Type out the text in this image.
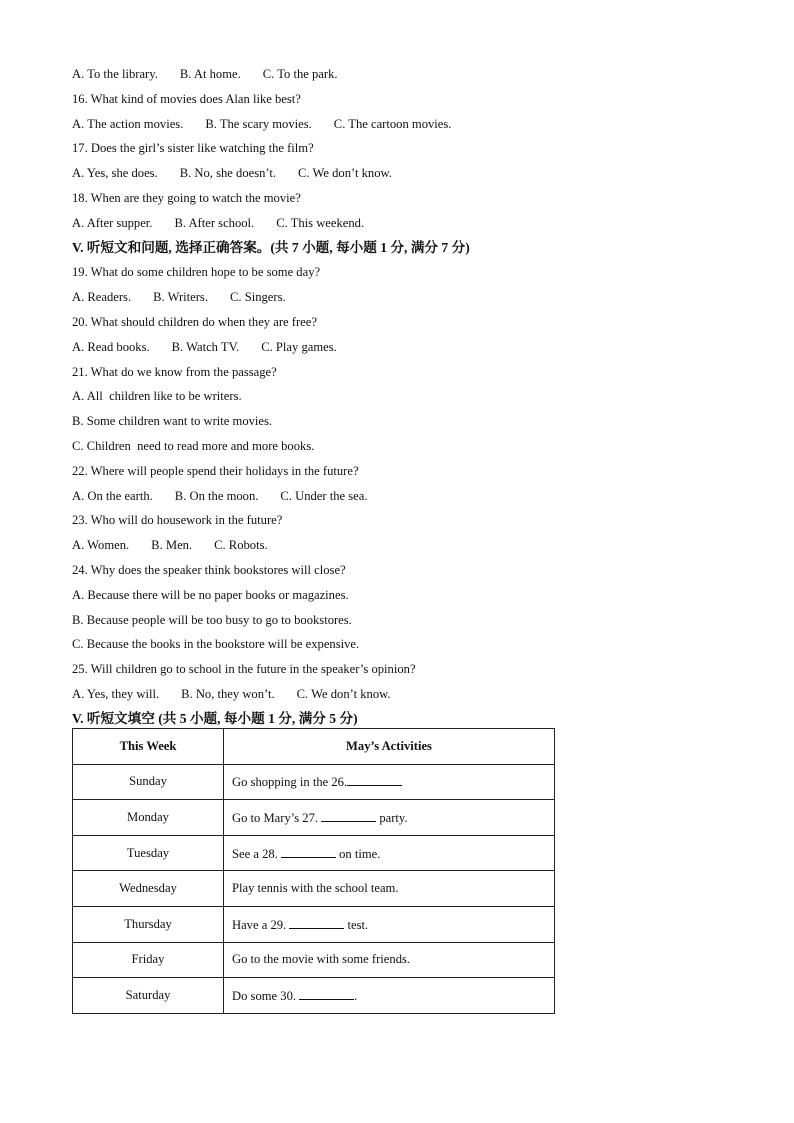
A. To the library. B. At home. C. To the park.
16. What kind of movies does Alan like best?
A. The action movies. B. The scary movies. C. The cartoon movies.
17. Does the girl’s sister like watching the film?
A. Yes, she does. B. No, she doesn’t. C. We don’t know.
18. When are they going to watch the movie?
A. After supper. B. After school. C. This weekend.
V. 听短文和问题, 选择正确答案。(共 7 小题, 每小题 1 分, 满分 7 分)
19. What do some children hope to be some day?
A. Readers. B. Writers. C. Singers.
20. What should children do when they are free?
A. Read books. B. Watch TV. C. Play games.
21. What do we know from the passage?
A. All  children like to be writers.
B. Some children want to write movies.
C. Children  need to read more and more books.
22. Where will people spend their holidays in the future?
A. On the earth. B. On the moon. C. Under the sea.
23. Who will do housework in the future?
A. Women. B. Men. C. Robots.
24. Why does the speaker think bookstores will close?
A. Because there will be no paper books or magazines.
B. Because people will be too busy to go to bookstores.
C. Because the books in the bookstore will be expensive.
25. Will children go to school in the future in the speaker’s opinion?
A. Yes, they will. B. No, they won’t. C. We don’t know.
V. 听短文填空 (共 5 小题, 每小题 1 分, 满分 5 分)
This Week	May’s Activities
Sunday	Go shopping in the 26.
Monday	Go to Mary’s 27. party.
Tuesday	See a 28. on time.
Wednesday	Play tennis with the school team.
Thursday	Have a 29. test.
Friday	Go to the movie with some friends.
Saturday	Do some 30. .
